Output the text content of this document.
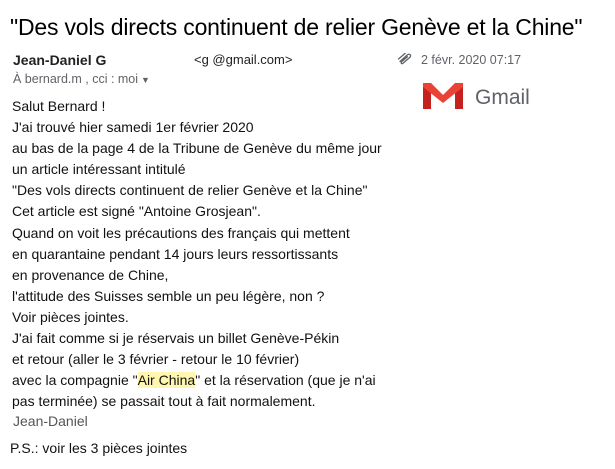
"Des vols directs continuent de relier Genève et la Chine"
Jean-Daniel G	<g @gmail.com>	2 févr. 2020 07:17
À bernard.m , cci : moi ▼
Gmail
Salut Bernard !
J'ai trouvé hier samedi 1er février 2020
au bas de la page 4 de la Tribune de Genève du même jour
un article intéressant intitulé
"Des vols directs continuent de relier Genève et la Chine"
Cet article est signé "Antoine Grosjean".
Quand on voit les précautions des français qui mettent
en quarantaine pendant 14 jours leurs ressortissants
en provenance de Chine,
l'attitude des Suisses semble un peu légère, non ?
Voir pièces jointes.
J'ai fait comme si je réservais un billet Genève-Pékin
et retour (aller le 3 février - retour le 10 février)
avec la compagnie "Air China" et la réservation (que je n'ai
pas terminée) se passait tout à fait normalement.
Jean-Daniel
P.S.: voir les 3 pièces jointes
